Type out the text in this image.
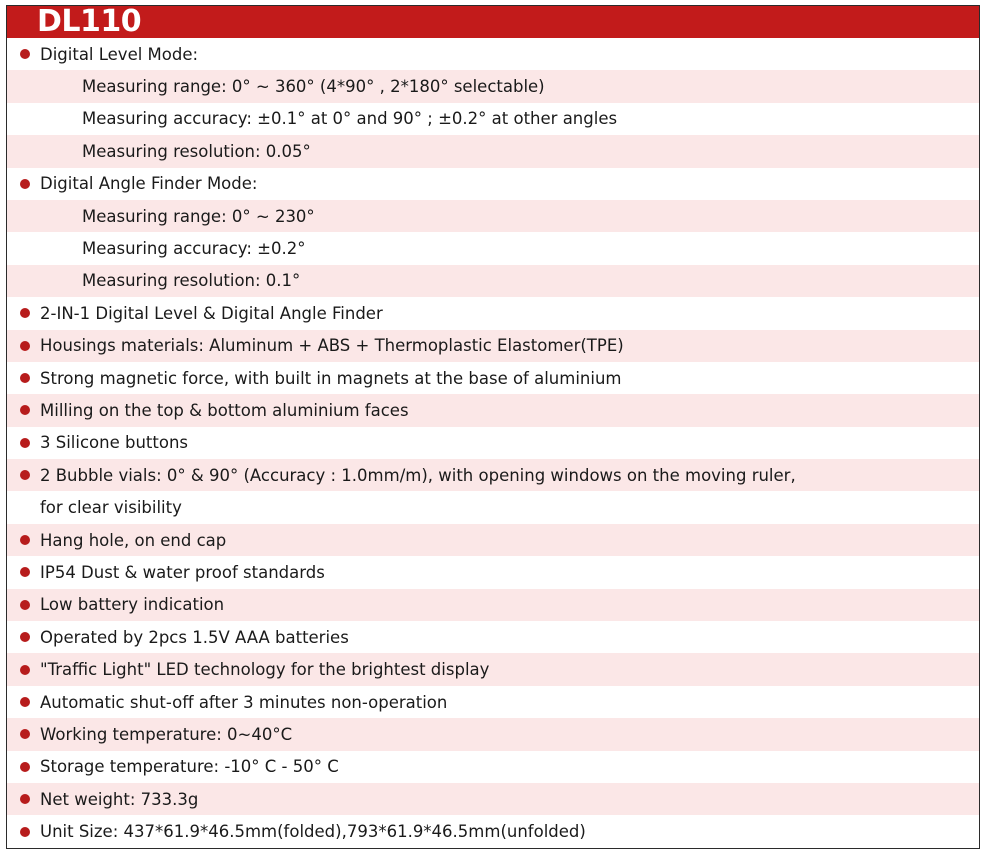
DL110
Digital Level Mode:
Measuring range: 0° ~ 360° (4*90° , 2*180° selectable)
Measuring accuracy: ±0.1° at 0° and 90° ; ±0.2° at other angles
Measuring resolution: 0.05°
Digital Angle Finder Mode:
Measuring range: 0° ~ 230°
Measuring accuracy: ±0.2°
Measuring resolution: 0.1°
2-IN-1 Digital Level & Digital Angle Finder
Housings materials: Aluminum + ABS + Thermoplastic Elastomer(TPE)
Strong magnetic force, with built in magnets at the base of aluminium
Milling on the top & bottom aluminium faces
3 Silicone buttons
2 Bubble vials: 0° & 90° (Accuracy : 1.0mm/m), with opening windows on the moving ruler,
for clear visibility
Hang hole, on end cap
IP54 Dust & water proof standards
Low battery indication
Operated by 2pcs 1.5V AAA batteries
"Traffic Light" LED technology for the brightest display
Automatic shut-off after 3 minutes non-operation
Working temperature: 0~40°C
Storage temperature: -10° C - 50° C
Net weight: 733.3g
Unit Size: 437*61.9*46.5mm(folded),793*61.9*46.5mm(unfolded)
